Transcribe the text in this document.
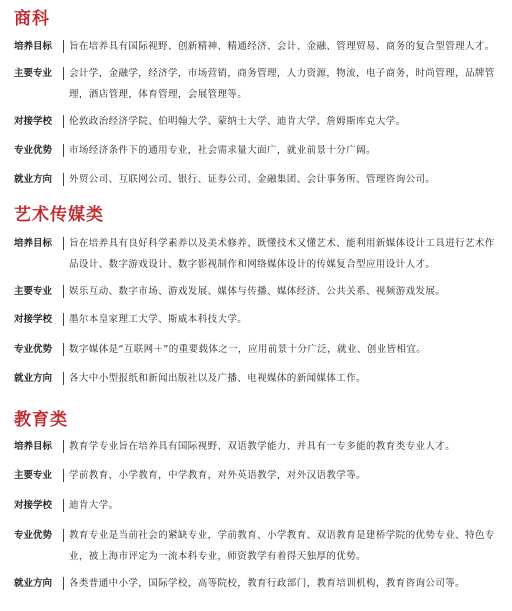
商科
培养目标	旨在培养具有国际视野、创新精神、精通经济、会计、金融、管理贸易、商务的复合型管理人才。
主要专业	会计学，金融学，经济学，市场营销，商务管理，人力资源，物流，电子商务，时尚管理，品牌管理，酒店管理，体育管理，会展管理等。
对接学校	伦敦政治经济学院、伯明翰大学、蒙纳士大学、迪肯大学、詹姆斯库克大学。
专业优势	市场经济条件下的通用专业，社会需求量大面广，就业前景十分广阔。
就业方向	外贸公司、互联网公司、银行、证券公司、金融集团、会计事务所、管理咨询公司。
艺术传媒类
培养目标	旨在培养具有良好科学素养以及美术修养、既懂技术又懂艺术、能利用新媒体设计工具进行艺术作品设计、数字游戏设计、数字影视制作和网络媒体设计的传媒复合型应用设计人才。
主要专业	娱乐互动、数字市场、游戏发展、媒体与传播、媒体经济、公共关系、视频游戏发展。
对接学校	墨尔本皇家理工大学、斯威本科技大学。
专业优势	数字媒体是“互联网＋”的重要载体之一，应用前景十分广泛，就业、创业皆相宜。
就业方向	各大中小型报纸和新闻出版社以及广播、电视媒体的新闻媒体工作。
教育类
培养目标	教育学专业旨在培养具有国际视野、双语教学能力、并具有一专多能的教育类专业人才。
主要专业	学前教育，小学教育，中学教育，对外英语教学，对外汉语教学等。
对接学校	迪肯大学。
专业优势	教育专业是当前社会的紧缺专业，学前教育、小学教育、双语教育是建桥学院的优势专业、特色专业，被上海市评定为一流本科专业，师资教学有着得天独厚的优势。
就业方向	各类普通中小学，国际学校，高等院校，教育行政部门，教育培训机构，教育咨询公司等。
